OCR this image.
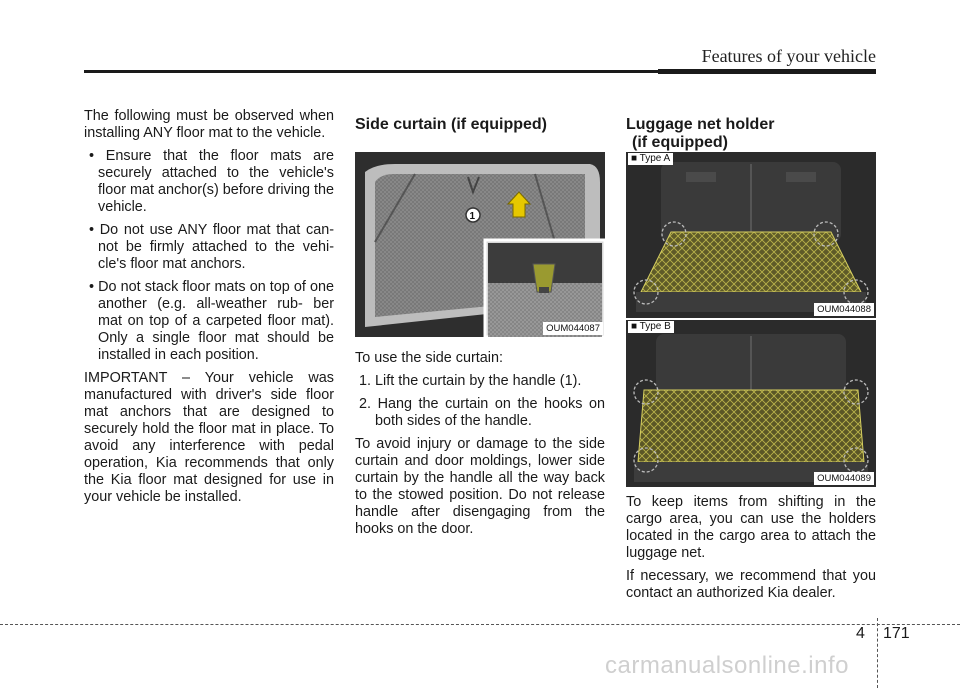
Features of your vehicle

The following must be observed when installing ANY floor mat to the vehicle.

• Ensure that the floor mats are securely attached to the vehicle's floor mat anchor(s) before driving the vehicle.

• Do not use ANY floor mat that can- not be firmly attached to the vehi- cle's floor mat anchors.

• Do not stack floor mats on top of one another (e.g. all-weather rub- ber mat on top of a carpeted floor mat). Only a single floor mat should be installed in each position.

IMPORTANT – Your vehicle was manufactured with driver's side floor mat anchors that are designed to securely hold the floor mat in place. To avoid any interference with pedal operation, Kia recommends that only the Kia floor mat designed for use in your vehicle be installed.

Side curtain (if equipped)
1
OUM044087

To use the side curtain:

1. Lift the curtain by the handle (1).

2. Hang the curtain on the hooks on both sides of the handle.

To avoid injury or damage to the side curtain and door moldings, lower side curtain by the handle all the way back to the stowed position. Do not release handle after disengaging from the hooks on the door.

Luggage net holder
(if equipped)
OUM044088
■ Type A
OUM044089
■ Type B

To keep items from shifting in the cargo area, you can use the holders located in the cargo area to attach the luggage net.

If necessary, we recommend that you contact an authorized Kia dealer.

4 171
carmanualsonline.info
